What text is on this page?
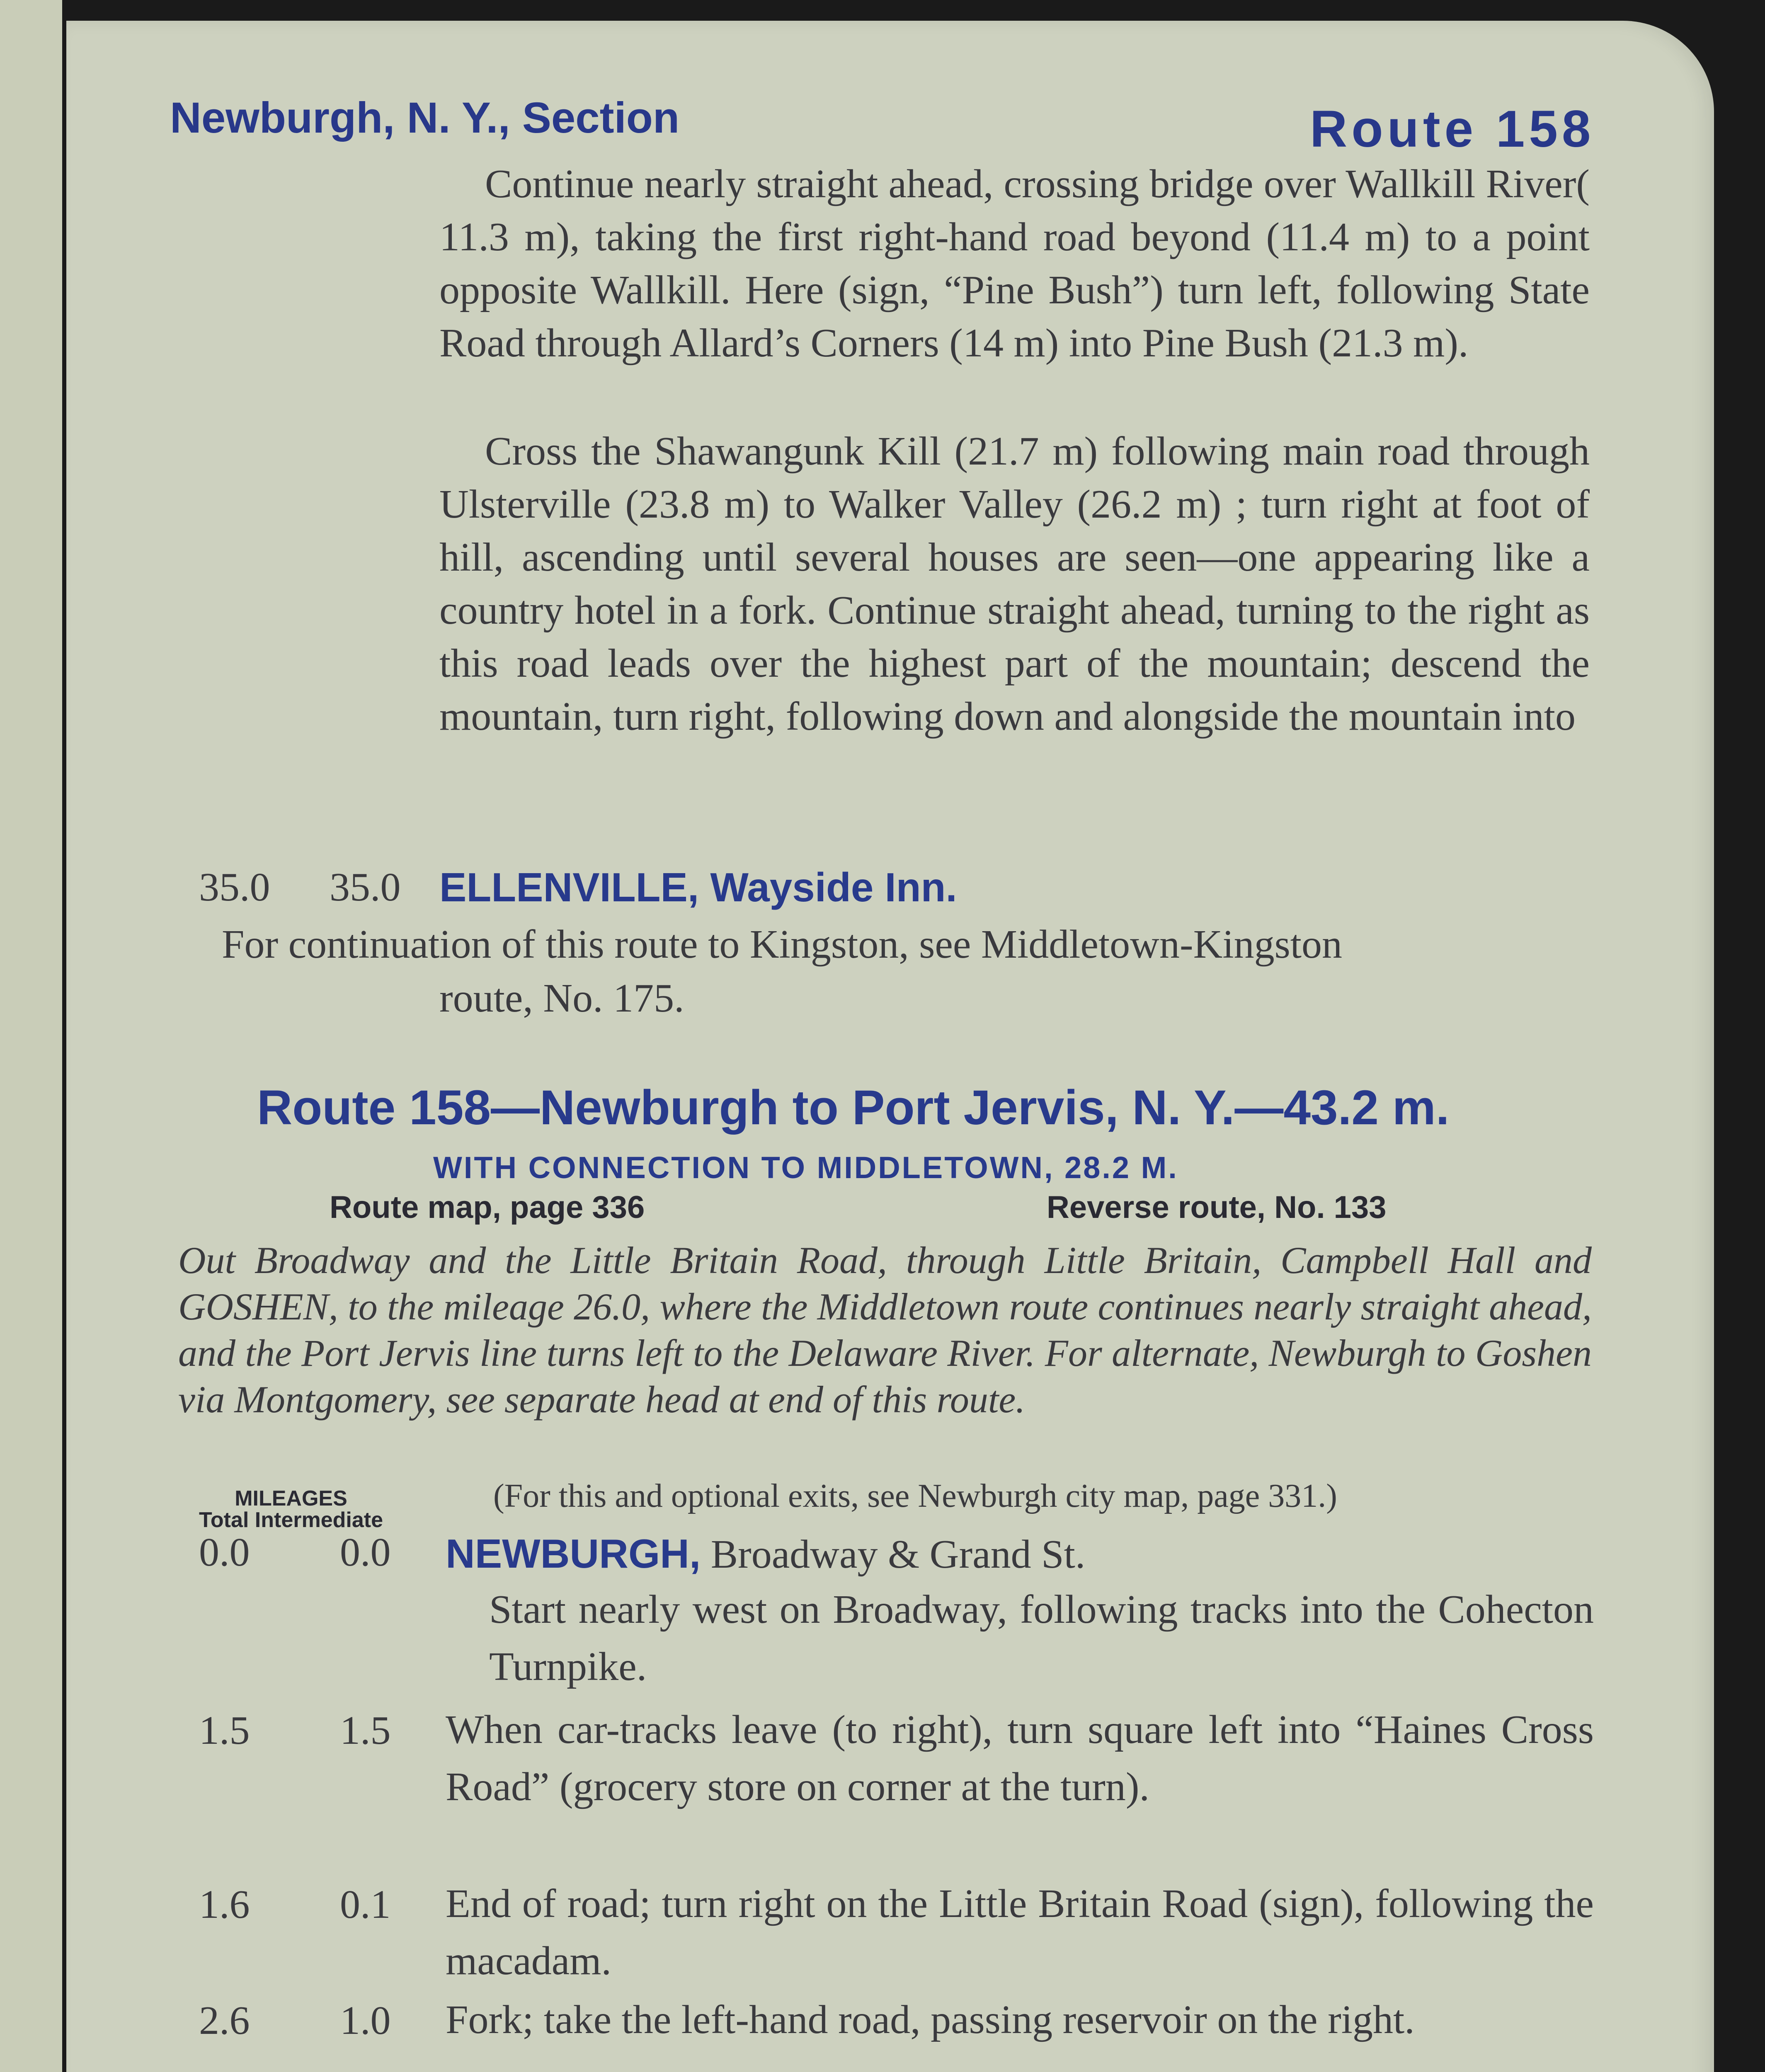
Newburgh, N. Y., Section	Route 158
Continue nearly straight ahead, crossing bridge over Wallkill River( 11.3 m), taking the first right-hand road beyond (11.4 m) to a point opposite Wallkill. Here (sign, “Pine Bush”) turn left, following State Road through Allard’s Corners (14 m) into Pine Bush (21.3 m).
Cross the Shawangunk Kill (21.7 m) following main road through Ulsterville (23.8 m) to Walker Valley (26.2 m) ; turn right at foot of hill, ascending until several houses are seen—one appearing like a country hotel in a fork. Continue straight ahead, turning to the right as this road leads over the highest part of the mountain; descend the mountain, turn right, following down and alongside the mountain into
35.0	35.0 ELLENVILLE, Wayside Inn.
For continuation of this route to Kingston, see Middletown-Kingston
route, No. 175.
Route 158—Newburgh to Port Jervis, N. Y.—43.2 m.
WITH CONNECTION TO MIDDLETOWN, 28.2 M.
Route map, page 336	Reverse route, No. 133
Out Broadway and the Little Britain Road, through Little Britain, Campbell Hall and GOSHEN, to the mileage 26.0, where the Middletown route continues nearly straight ahead, and the Port Jervis line turns left to the Delaware River. For alternate, Newburgh to Goshen via Montgomery, see separate head at end of this route.
MILEAGES
Total Intermediate
(For this and optional exits, see Newburgh city map, page 331.)
0.0	0.0	NEWBURGH, Broadway & Grand St.
Start nearly west on Broadway, following tracks into the Cohecton Turnpike.
1.5	1.5	When car-tracks leave (to right), turn square left into “Haines Cross Road” (grocery store on corner at the turn).
1.6	0.1	End of road; turn right on the Little Britain Road (sign), following the macadam.
2.6	1.0	Fork; take the left-hand road, passing reservoir on the right.
